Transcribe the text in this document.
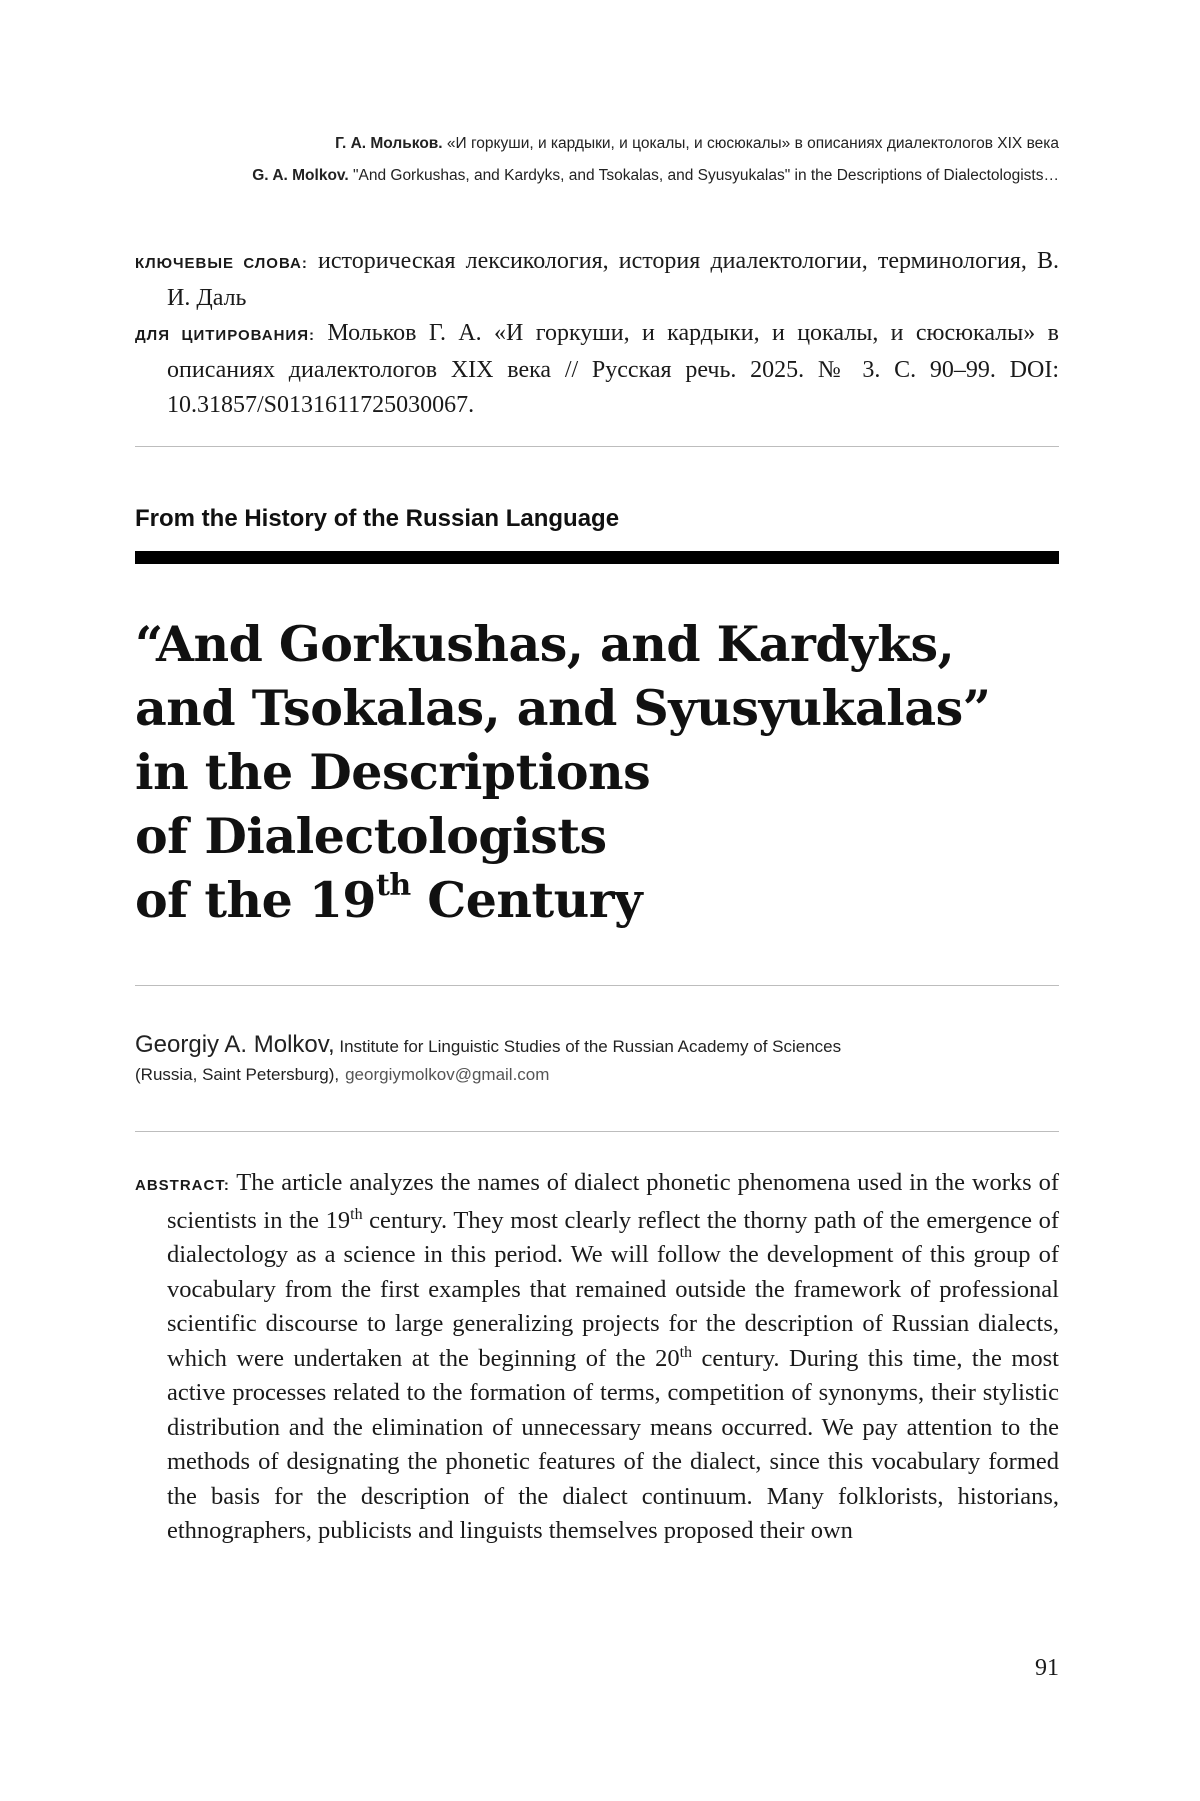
Г. А. Мольков. «И горкуши, и кардыки, и цокалы, и сюсюкалы» в описаниях диалектологов XIX века
G. A. Molkov. "And Gorkushas, and Kardyks, and Tsokalas, and Syusyukalas" in the Descriptions of Dialectologists…

КЛЮЧЕВЫЕ СЛОВА: историческая лексикология, история диалектологии, терминология, В. И. Даль

ДЛЯ ЦИТИРОВАНИЯ: Мольков Г. А. «И горкуши, и кардыки, и цокалы, и сюсюкалы» в описаниях диалектологов XIX века // Русская речь. 2025. № 3. С. 90–99. DOI: 10.31857/S0131611725030067.

From the History of the Russian Language
“And Gorkushas, and Kardyks,
and Tsokalas, and Syusyukalas”
in the Descriptions
of Dialectologists
of the 19th Century
Georgiy A. Molkov, Institute for Linguistic Studies of the Russian Academy of Sciences
(Russia, Saint Petersburg), georgiymolkov@gmail.com

ABSTRACT: The article analyzes the names of dialect phonetic phenomena used in the works of scientists in the 19th century. They most clearly reflect the thorny path of the emergence of dialectology as a science in this period. We will follow the development of this group of vocabulary from the first examples that remained outside the framework of professional scientific discourse to large generalizing projects for the description of Russian dialects, which were undertaken at the beginning of the 20th century. During this time, the most active processes related to the formation of terms, competition of synonyms, their stylistic distribution and the elimination of unnecessary means occurred. We pay attention to the methods of designating the phonetic features of the dialect, since this vocabulary formed the basis for the description of the dialect continuum. Many folklorists, historians, ethnographers, publicists and linguists themselves proposed their own

91
